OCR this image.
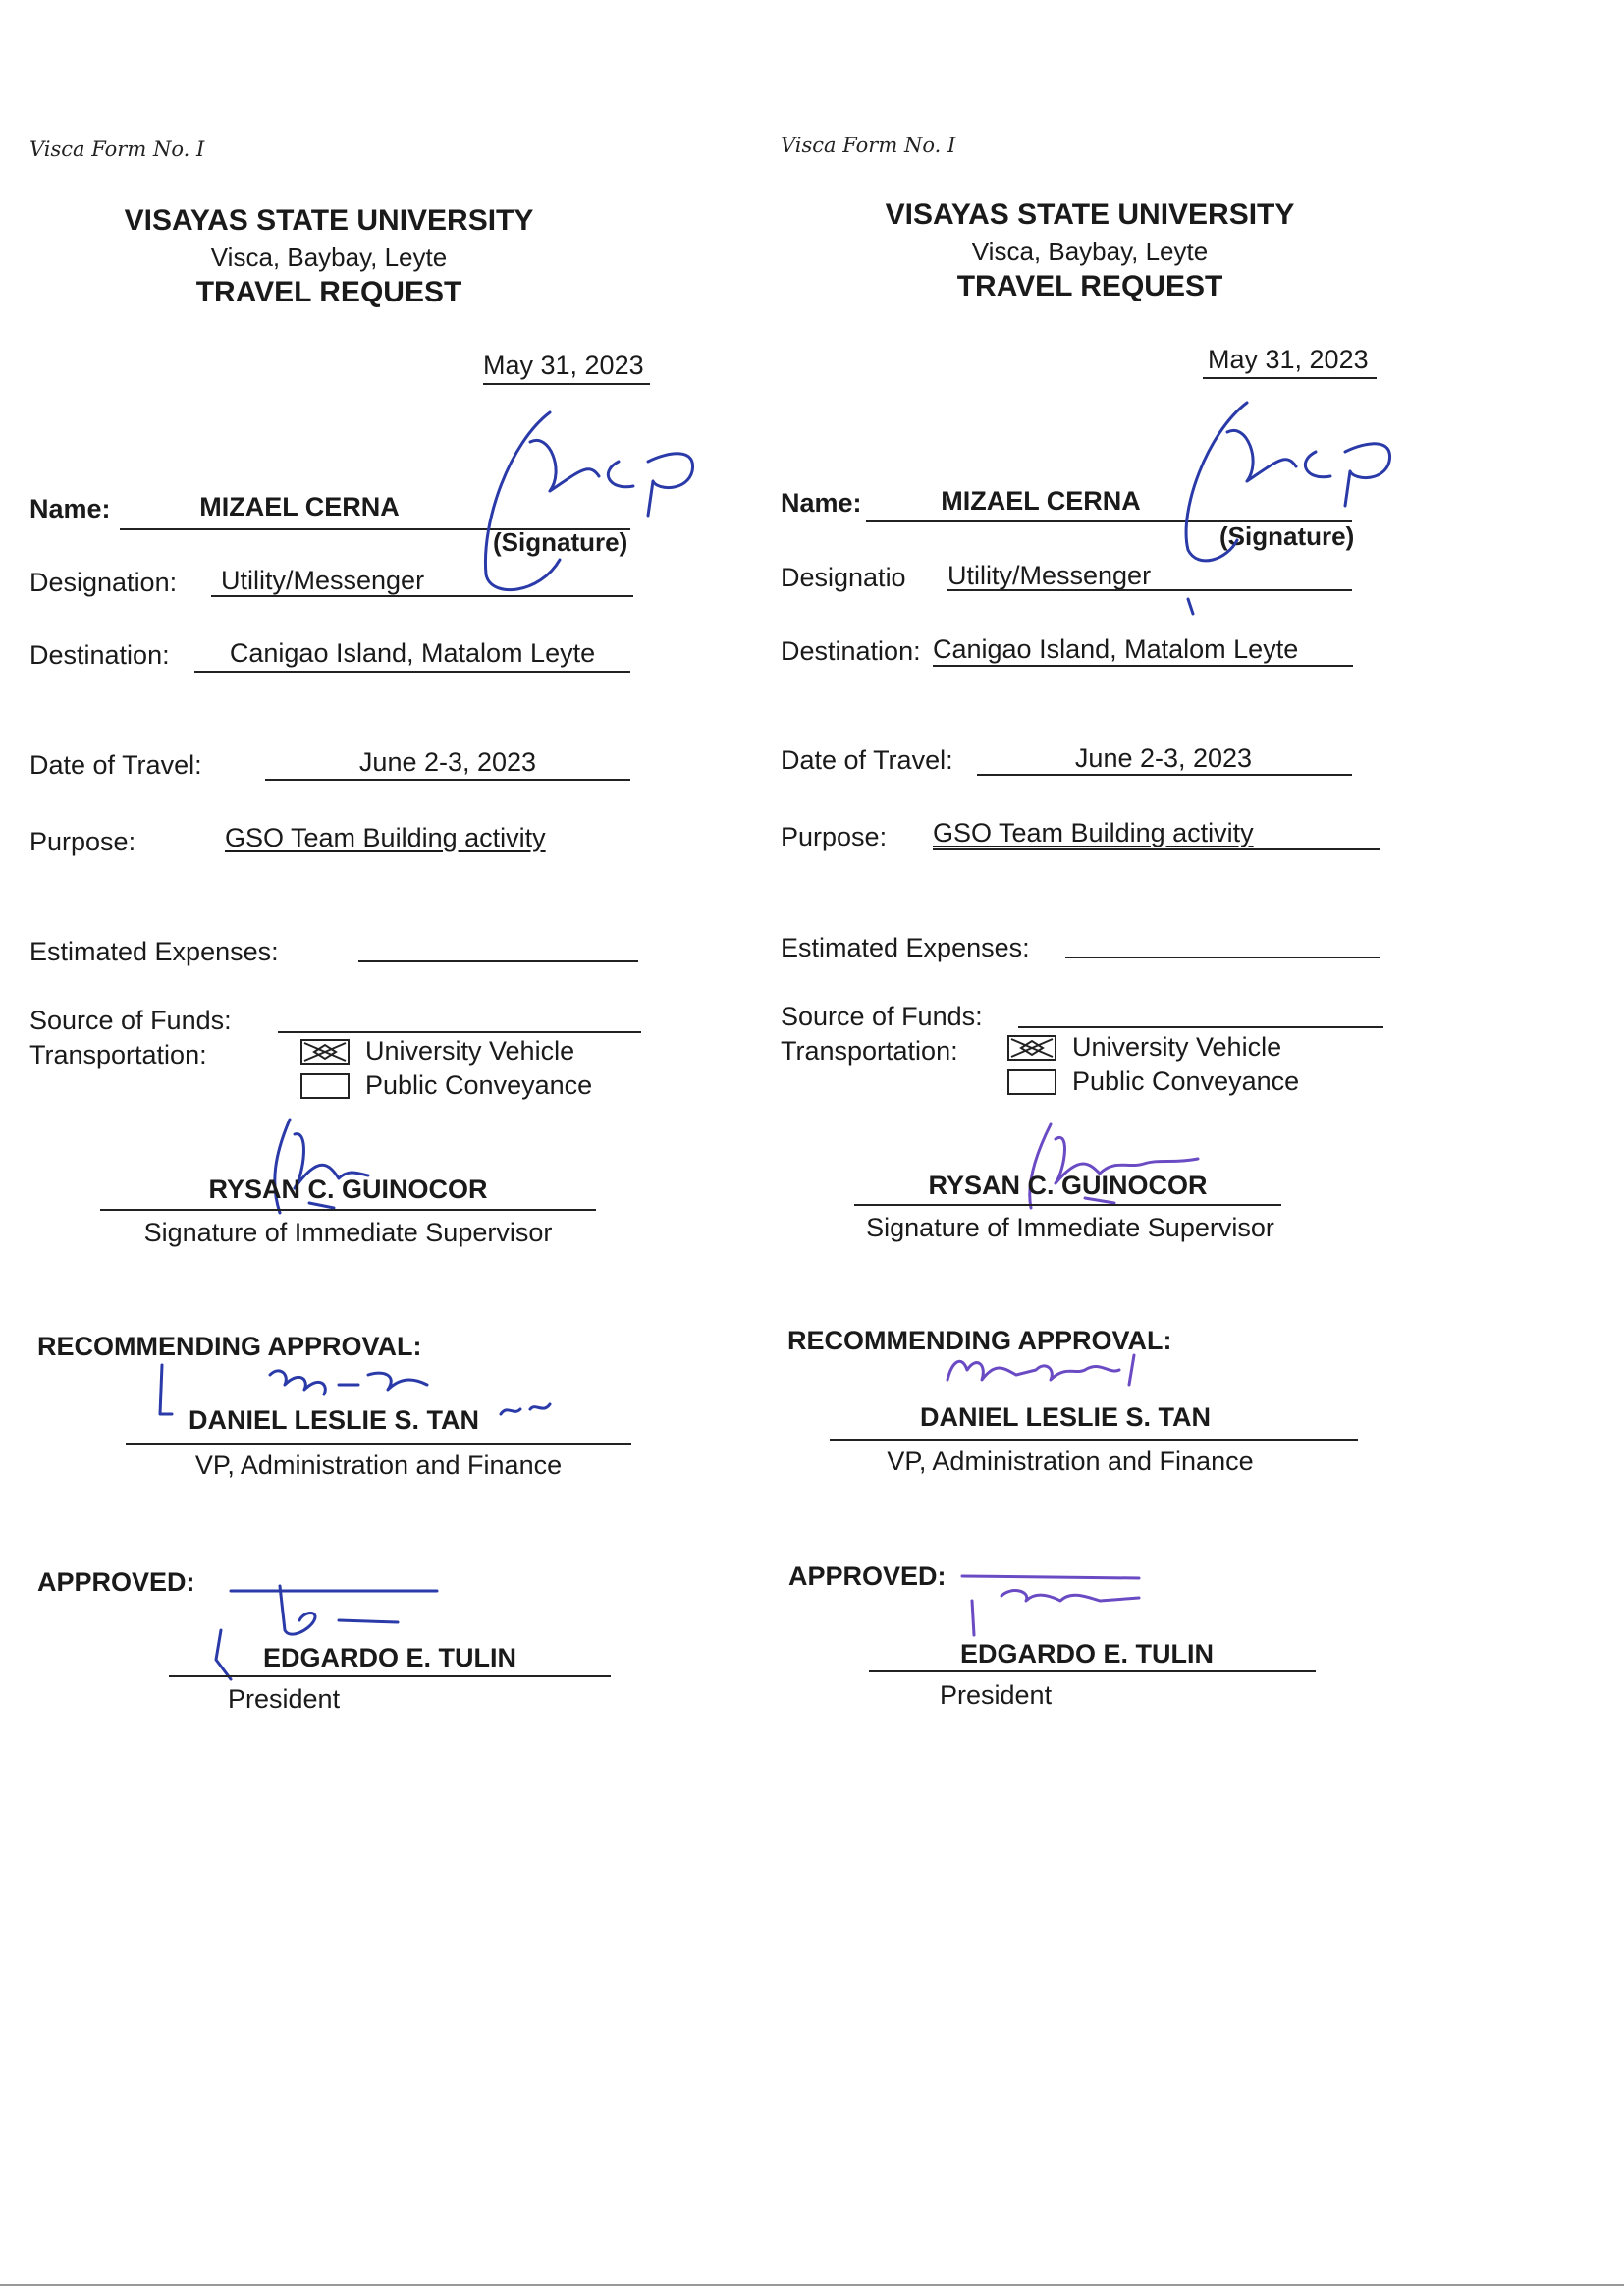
Visca Form No. I
VISAYAS STATE UNIVERSITY
Visca, Baybay, Leyte
TRAVEL REQUEST
May 31, 2023
Name:	MIZAEL CERNA
(Signature)
Designation: Utility/Messenger
Destination:	Canigao Island, Matalom Leyte
Date of Travel:	June 2-3, 2023
Purpose:	GSO Team Building activity
Estimated Expenses:
Source of Funds:
Transportation:	University Vehicle
Public Conveyance
RYSAN C. GUINOCOR
Signature of Immediate Supervisor
RECOMMENDING APPROVAL:
DANIEL LESLIE S. TAN
VP, Administration and Finance
APPROVED:
EDGARDO E. TULIN
President
Visca Form No. I
VISAYAS STATE UNIVERSITY
Visca, Baybay, Leyte
TRAVEL REQUEST
May 31, 2023
Name:	MIZAEL CERNA
(Signature)
Designatio Utility/Messenger
Destination: Canigao Island, Matalom Leyte
Date of Travel:	June 2-3, 2023
Purpose: GSO Team Building activity
Estimated Expenses:
Source of Funds:
Transportation:	University Vehicle
Public Conveyance
RYSAN C. GUINOCOR
Signature of Immediate Supervisor
RECOMMENDING APPROVAL:
DANIEL LESLIE S. TAN
VP, Administration and Finance
APPROVED:
EDGARDO E. TULIN
President
